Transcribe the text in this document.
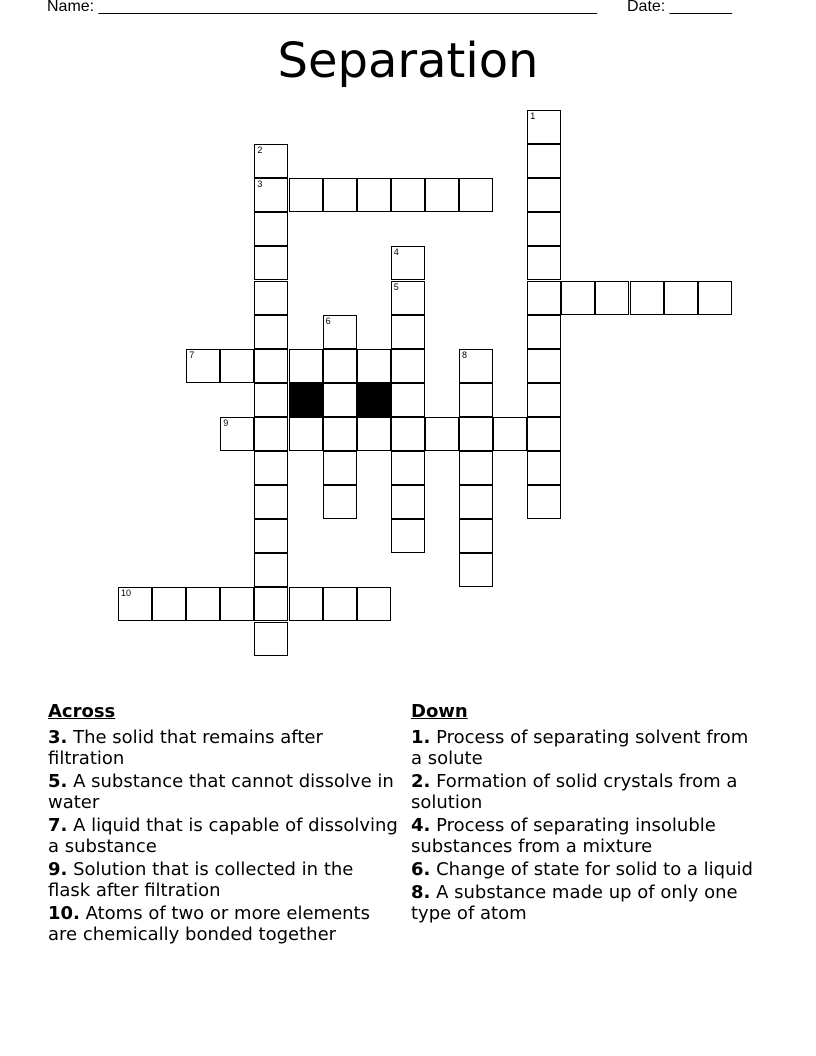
Name: ________________________________________________________ Date: _______
Separation
1
2
3
4
5
6
7	8
9
10
Across
3. The solid that remains after filtration
5. A substance that cannot dissolve in water
7. A liquid that is capable of dissolving a substance
9. Solution that is collected in the flask after filtration
10. Atoms of two or more elements are chemically bonded together
Down
1. Process of separating solvent from a solute
2. Formation of solid crystals from a solution
4. Process of separating insoluble substances from a mixture
6. Change of state for solid to a liquid
8. A substance made up of only one type of atom
